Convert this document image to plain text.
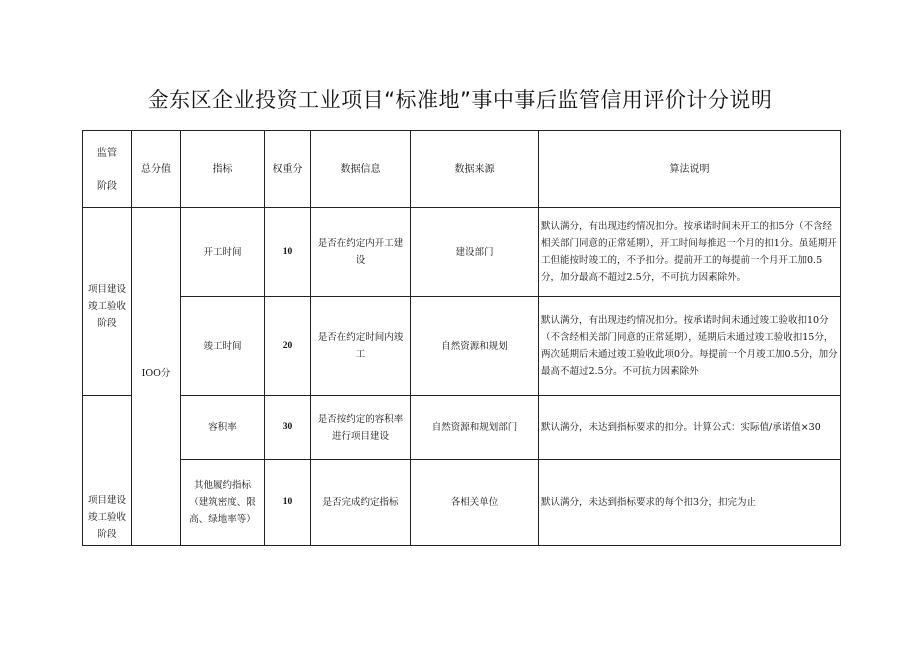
金东区企业投资工业项目“标准地”事中事后监管信用评价计分说明
监管
阶段	总分值	指标	权重分	数据信息	数据来源	算法说明
项目建设竣工验收阶段	IOO分	开工时间	10	是否在约定内开工建设	建设部门	默认满分，有出现违约情况扣分。按承诺时间未开工的扣5分（不含经相关部门同意的正常延期），开工时间每推迟一个月的扣1分。虽延期开工但能按时竣工的，不予扣分。提前开工的每提前一个月开工加0.5分，加分最高不超过2.5分，不可抗力因素除外。
		竣工时间	20	是否在约定时间内竣工	自然资源和规划	默认满分，有出现违约情况扣分。按承诺时间未通过竣工验收扣10分（不含经相关部门同意的正常延期），延期后未通过竣工验收扣15分，两次延期后未通过竣工验收此项0分。每提前一个月竣工加0.5分，加分最高不超过2.5分。不可抗力因素除外
项目建设竣工验收阶段		容积率	30	是否按约定的容积率进行项目建设	自然资源和规划部门	默认满分，未达到指标要求的扣分。计算公式：实际值/承诺值×30
		其他履约指标（建筑密度、限高、绿地率等）	10	是否完成约定指标	各相关单位	默认满分，未达到指标要求的每个扣3分，扣完为止
